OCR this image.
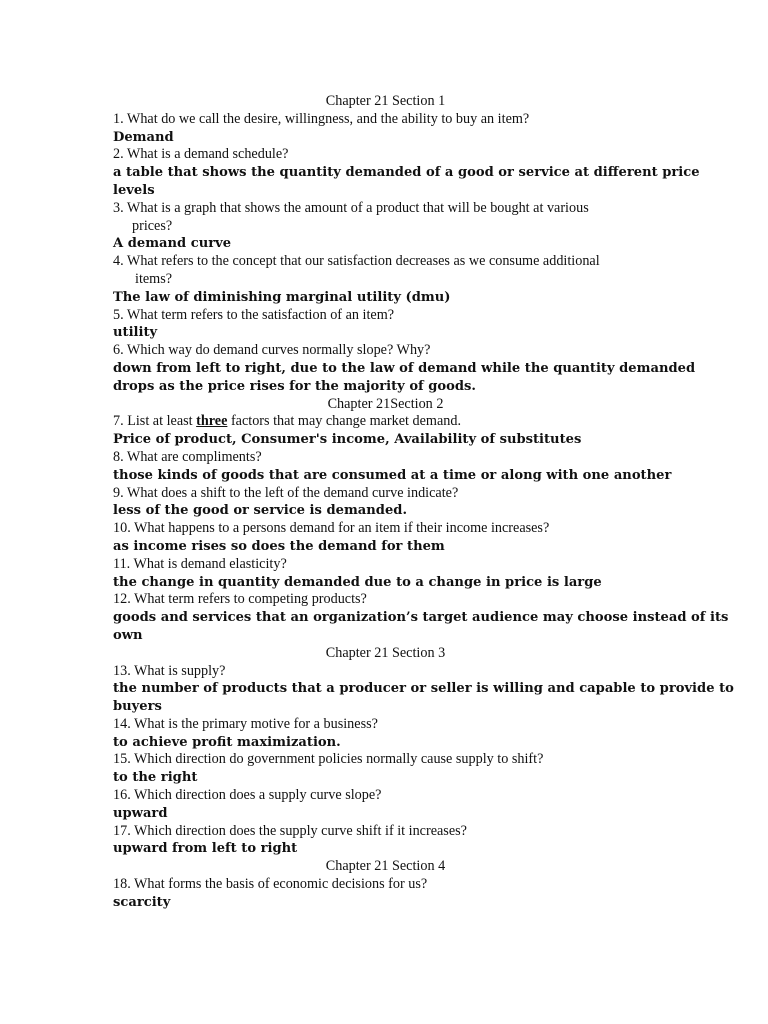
Chapter 21 Section 1

1. What do we call the desire, willingness, and the ability to buy an item?

Demand

2. What is a demand schedule?

a table that shows the quantity demanded of a good or service at different price

levels

3. What is a graph that shows the amount of a product that will be bought at various

prices?

A demand curve

4. What refers to the concept that our satisfaction decreases as we consume additional

items?

The law of diminishing marginal utility (dmu)

5. What term refers to the satisfaction of an item?

utility

6. Which way do demand curves normally slope? Why?

down from left to right, due to the law of demand while the quantity demanded

drops as the price rises for the majority of goods.

Chapter 21Section 2

7. List at least three factors that may change market demand.

Price of product, Consumer's income, Availability of substitutes

8. What are compliments?

those kinds of goods that are consumed at a time or along with one another

9. What does a shift to the left of the demand curve indicate?

less of the good or service is demanded.

10. What happens to a persons demand for an item if their income increases?

as income rises so does the demand for them

11. What is demand elasticity?

the change in quantity demanded due to a change in price is large

12. What term refers to competing products?

goods and services that an organization’s target audience may choose instead of its

own

Chapter 21 Section 3

13. What is supply?

the number of products that a producer or seller is willing and capable to provide to

buyers

14. What is the primary motive for a business?

to achieve profit maximization.

15. Which direction do government policies normally cause supply to shift?

to the right

16. Which direction does a supply curve slope?

upward

17. Which direction does the supply curve shift if it increases?

upward from left to right

Chapter 21 Section 4

18. What forms the basis of economic decisions for us?

scarcity
